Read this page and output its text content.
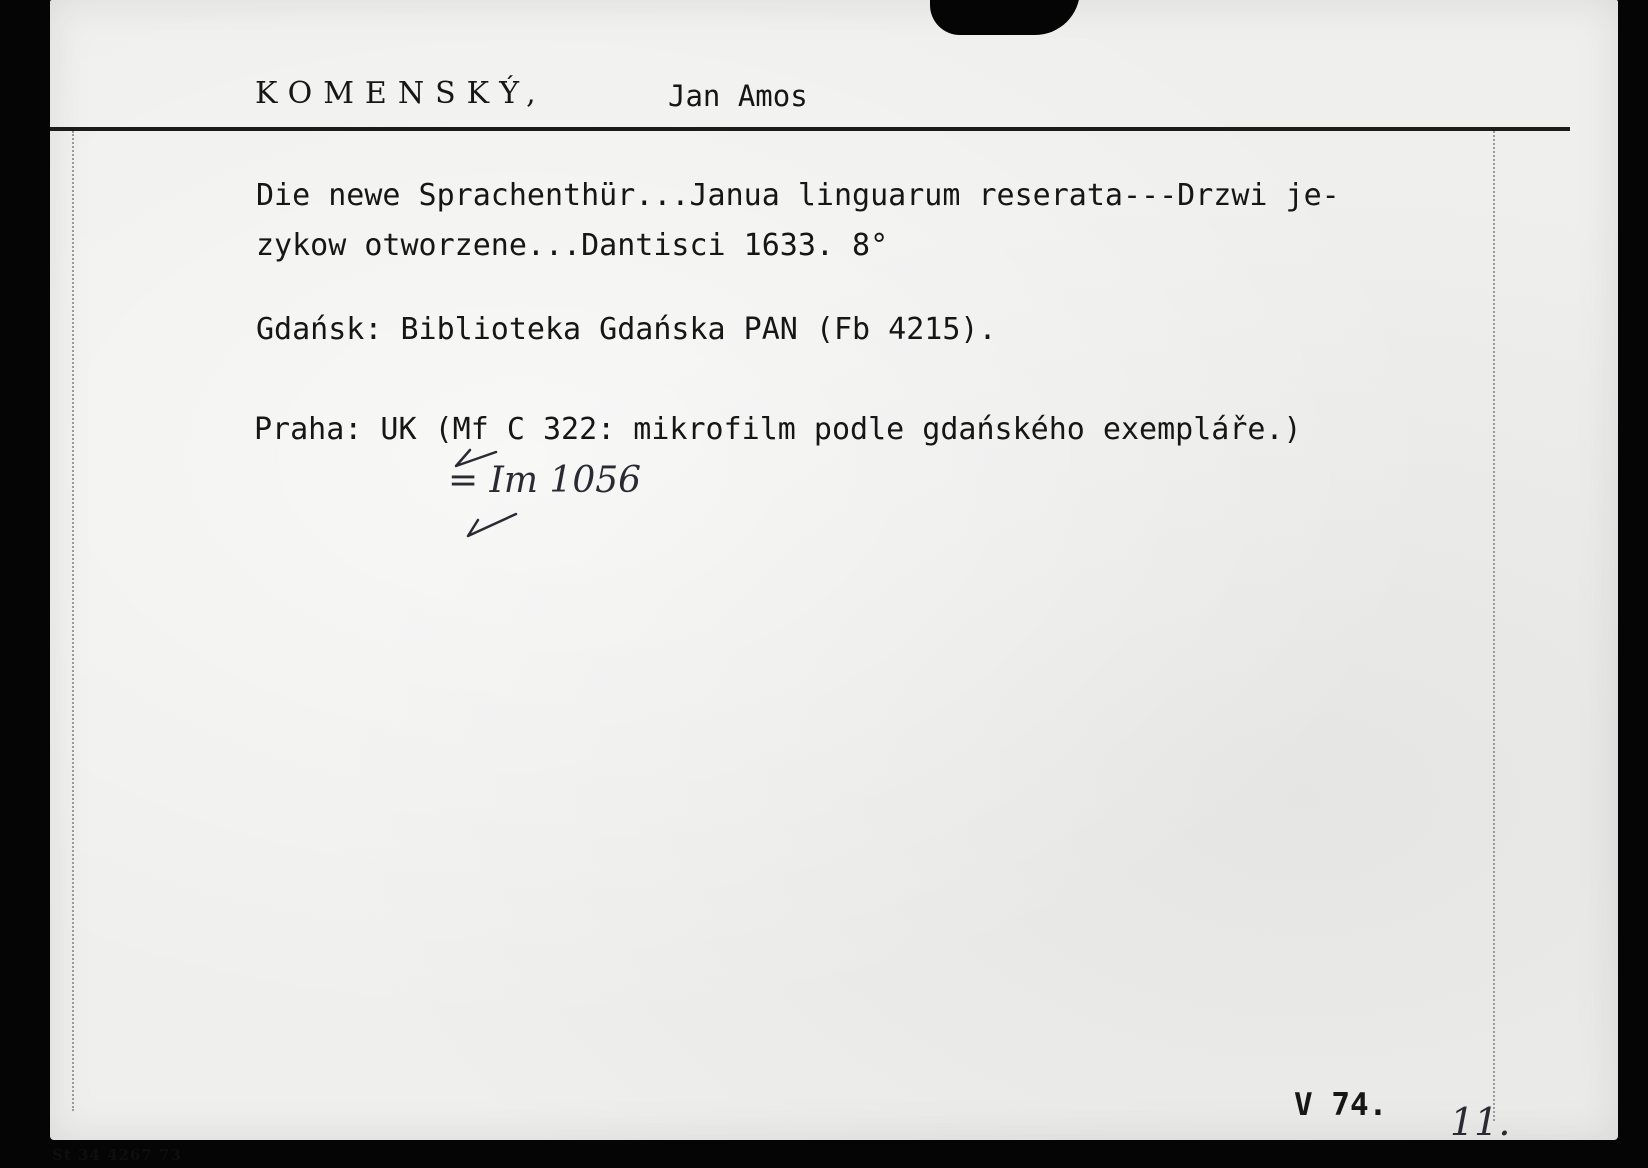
KOMENSKÝ,	Jan Amos

Die newe Sprachenthür...Janua linguarum reserata---Drzwi je-

zykow otworzene...Dantisci 1633. 8°

Gdańsk: Biblioteka Gdańska PAN (Fb 4215).

Praha: UK (Mf C 322: mikrofilm podle gdańského exempláře.)

= Im 1056
11.

V 74.

St 34 4267 73
